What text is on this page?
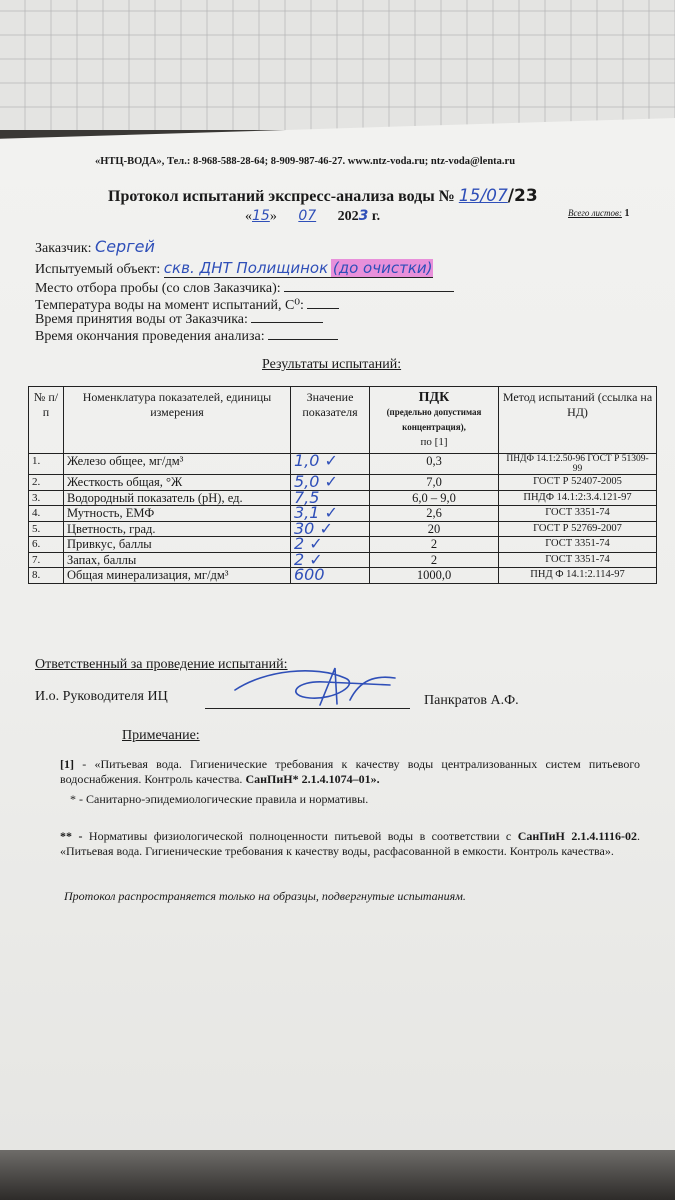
«НТЦ-ВОДА», Тел.: 8-968-588-28-64; 8-909-987-46-27. www.ntz-voda.ru; ntz-voda@lenta.ru
Протокол испытаний экспресс-анализа воды № 15/07/23
«15» 07 2023 г.	Всего листов: 1
Заказчик: Сергей
Испытуемый объект: скв. ДНТ Полищинок (до очистки)
Место отбора пробы (со слов Заказчика):
Температура воды на момент испытаний, С⁰:
Время принятия воды от Заказчика:
Время окончания проведения анализа:
Результаты испытаний:
№ п/п	Номенклатура показателей, единицы измерения	Значение показателя	ПДК
(предельно допустимая концентрация),
по [1]	Метод испытаний (ссылка на НД)
1.	Железо общее, мг/дм³	1,0 ✓	0,3	ПНДФ 14.1:2.50-96 ГОСТ Р 51309-99
2.	Жесткость общая, °Ж	5,0 ✓	7,0	ГОСТ Р 52407-2005
3.	Водородный показатель (рН), ед.	7,5	6,0 – 9,0	ПНДФ 14.1:2:3.4.121-97
4.	Мутность, ЕМФ	3,1 ✓	2,6	ГОСТ 3351-74
5.	Цветность, град.	30 ✓	20	ГОСТ Р 52769-2007
6.	Привкус, баллы	2 ✓	2	ГОСТ 3351-74
7.	Запах, баллы	2 ✓	2	ГОСТ 3351-74
8.	Общая минерализация, мг/дм³	600	1000,0	ПНД Ф 14.1:2.114-97
Ответственный за проведение испытаний:
И.о. Руководителя ИЦ	Панкратов А.Ф.
Примечание:
[1] - «Питьевая вода. Гигиенические требования к качеству воды централизованных систем питьевого водоснабжения. Контроль качества. СанПиН* 2.1.4.1074–01».
* - Санитарно-эпидемиологические правила и нормативы.
** - Нормативы физиологической полноценности питьевой воды в соответствии с СанПиН 2.1.4.1116-02. «Питьевая вода. Гигиенические требования к качеству воды, расфасованной в емкости. Контроль качества».
Протокол распространяется только на образцы, подвергнутые испытаниям.
